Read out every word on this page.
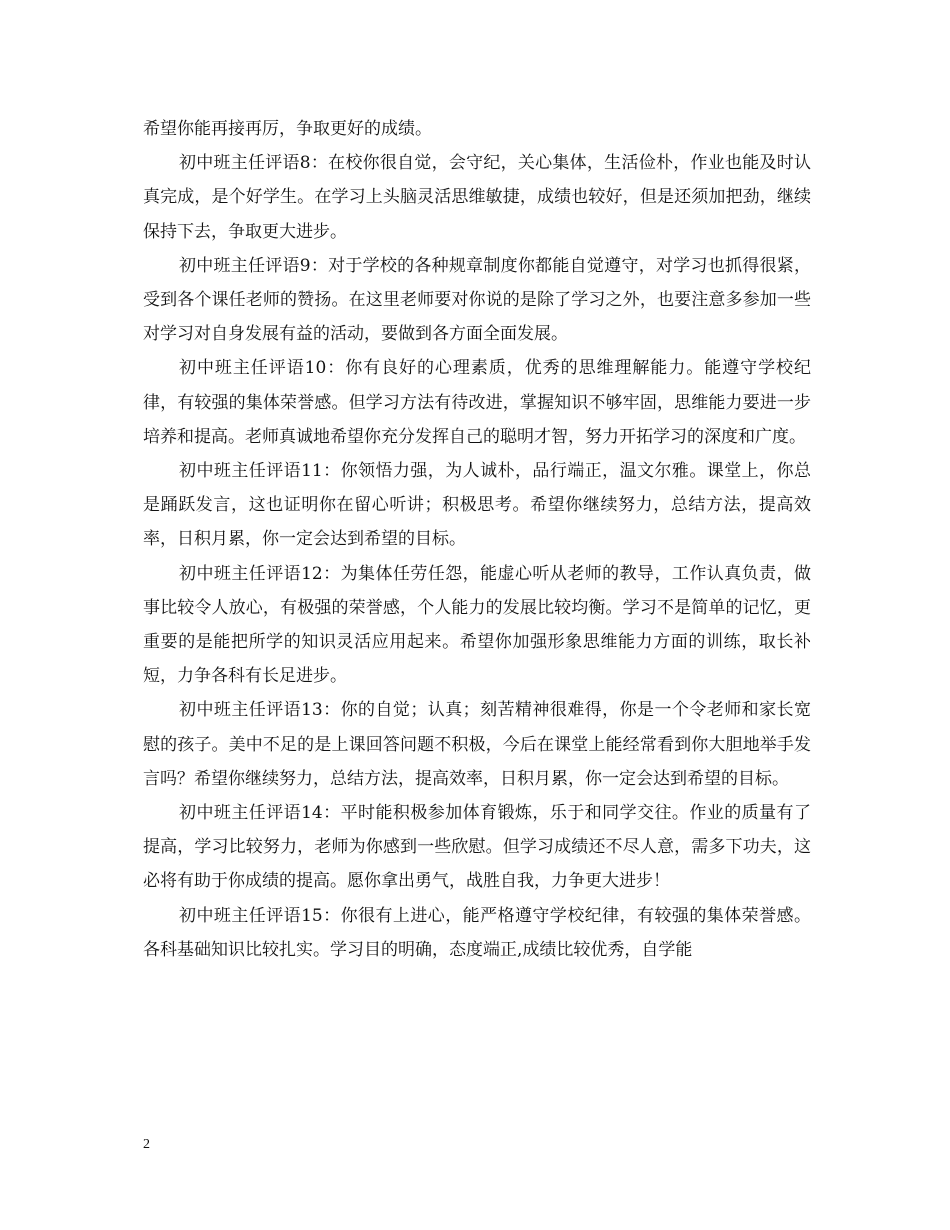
希望你能再接再厉，争取更好的成绩。

初中班主任评语8：在校你很自觉，会守纪，关心集体，生活俭朴，作业也能及时认真完成，是个好学生。在学习上头脑灵活思维敏捷，成绩也较好，但是还须加把劲，继续保持下去，争取更大进步。

初中班主任评语9：对于学校的各种规章制度你都能自觉遵守，对学习也抓得很紧，受到各个课任老师的赞扬。在这里老师要对你说的是除了学习之外，也要注意多参加一些对学习对自身发展有益的活动，要做到各方面全面发展。

初中班主任评语10：你有良好的心理素质，优秀的思维理解能力。能遵守学校纪律，有较强的集体荣誉感。但学习方法有待改进，掌握知识不够牢固，思维能力要进一步培养和提高。老师真诚地希望你充分发挥自己的聪明才智，努力开拓学习的深度和广度。

初中班主任评语11：你领悟力强，为人诚朴，品行端正，温文尔雅。课堂上，你总是踊跃发言，这也证明你在留心听讲；积极思考。希望你继续努力，总结方法，提高效率，日积月累，你一定会达到希望的目标。

初中班主任评语12：为集体任劳任怨，能虚心听从老师的教导，工作认真负责，做事比较令人放心，有极强的荣誉感，个人能力的发展比较均衡。学习不是简单的记忆，更重要的是能把所学的知识灵活应用起来。希望你加强形象思维能力方面的训练，取长补短，力争各科有长足进步。

初中班主任评语13：你的自觉；认真；刻苦精神很难得，你是一个令老师和家长宽慰的孩子。美中不足的是上课回答问题不积极，今后在课堂上能经常看到你大胆地举手发言吗？希望你继续努力，总结方法，提高效率，日积月累，你一定会达到希望的目标。

初中班主任评语14：平时能积极参加体育锻炼，乐于和同学交往。作业的质量有了提高，学习比较努力，老师为你感到一些欣慰。但学习成绩还不尽人意，需多下功夫，这必将有助于你成绩的提高。愿你拿出勇气，战胜自我，力争更大进步！

初中班主任评语15：你很有上进心，能严格遵守学校纪律，有较强的集体荣誉感。各科基础知识比较扎实。学习目的明确，态度端正,成绩比较优秀，自学能

2
